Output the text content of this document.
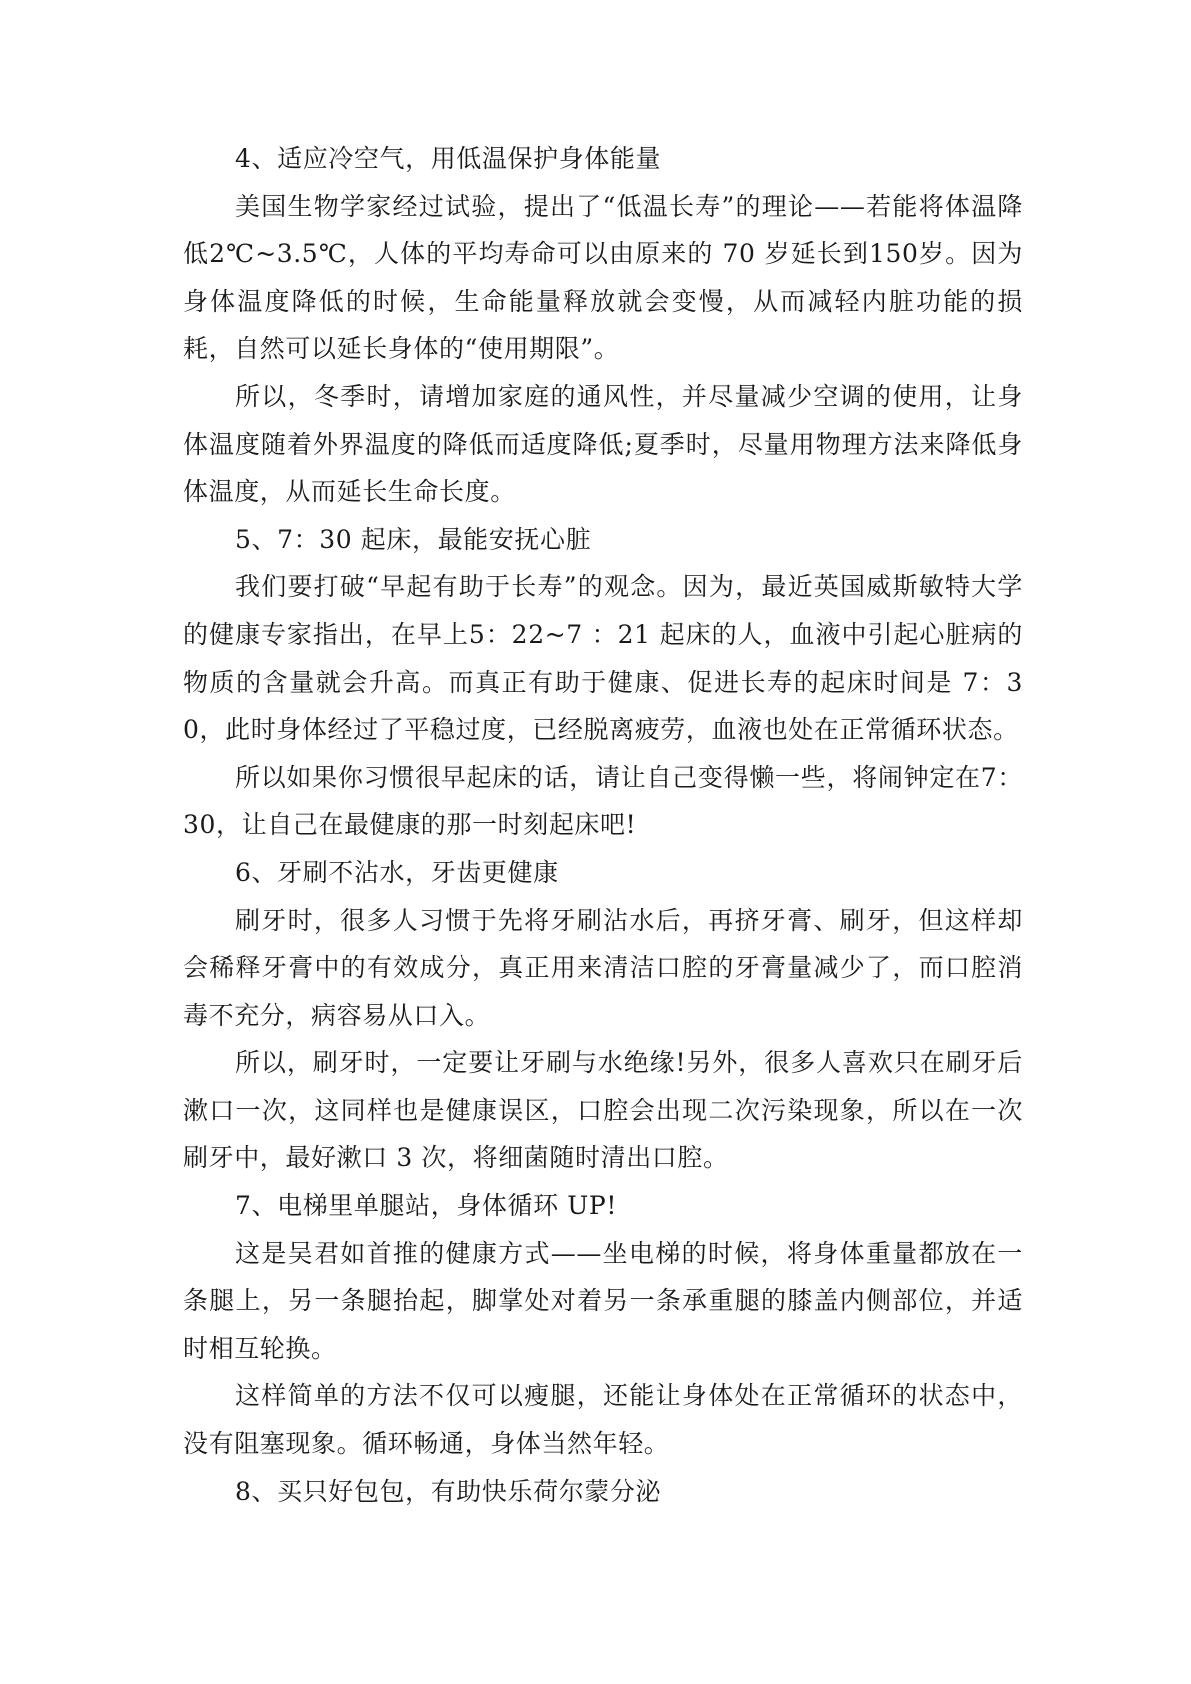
4、适应冷空气，用低温保护身体能量

美国生物学家经过试验，提出了“低温长寿”的理论——若能将体温降低2℃~3.5℃，人体的平均寿命可以由原来的 70 岁延长到150岁。因为身体温度降低的时候，生命能量释放就会变慢，从而减轻内脏功能的损耗，自然可以延长身体的“使用期限”。

所以，冬季时，请增加家庭的通风性，并尽量减少空调的使用，让身体温度随着外界温度的降低而适度降低;夏季时，尽量用物理方法来降低身体温度，从而延长生命长度。

5、7：30 起床，最能安抚心脏

我们要打破“早起有助于长寿”的观念。因为，最近英国威斯敏特大学的健康专家指出，在早上5：22~7 ：21 起床的人，血液中引起心脏病的物质的含量就会升高。而真正有助于健康、促进长寿的起床时间是 7：30，此时身体经过了平稳过度，已经脱离疲劳，血液也处在正常循环状态。

所以如果你习惯很早起床的话，请让自己变得懒一些，将闹钟定在7：30，让自己在最健康的那一时刻起床吧!

6、牙刷不沾水，牙齿更健康

刷牙时，很多人习惯于先将牙刷沾水后，再挤牙膏、刷牙，但这样却会稀释牙膏中的有效成分，真正用来清洁口腔的牙膏量减少了，而口腔消毒不充分，病容易从口入。

所以，刷牙时，一定要让牙刷与水绝缘!另外，很多人喜欢只在刷牙后漱口一次，这同样也是健康误区，口腔会出现二次污染现象，所以在一次刷牙中，最好漱口 3 次，将细菌随时清出口腔。

7、电梯里单腿站，身体循环 UP!

这是吴君如首推的健康方式——坐电梯的时候，将身体重量都放在一条腿上，另一条腿抬起，脚掌处对着另一条承重腿的膝盖内侧部位，并适时相互轮换。

这样简单的方法不仅可以瘦腿，还能让身体处在正常循环的状态中，没有阻塞现象。循环畅通，身体当然年轻。

8、买只好包包，有助快乐荷尔蒙分泌
